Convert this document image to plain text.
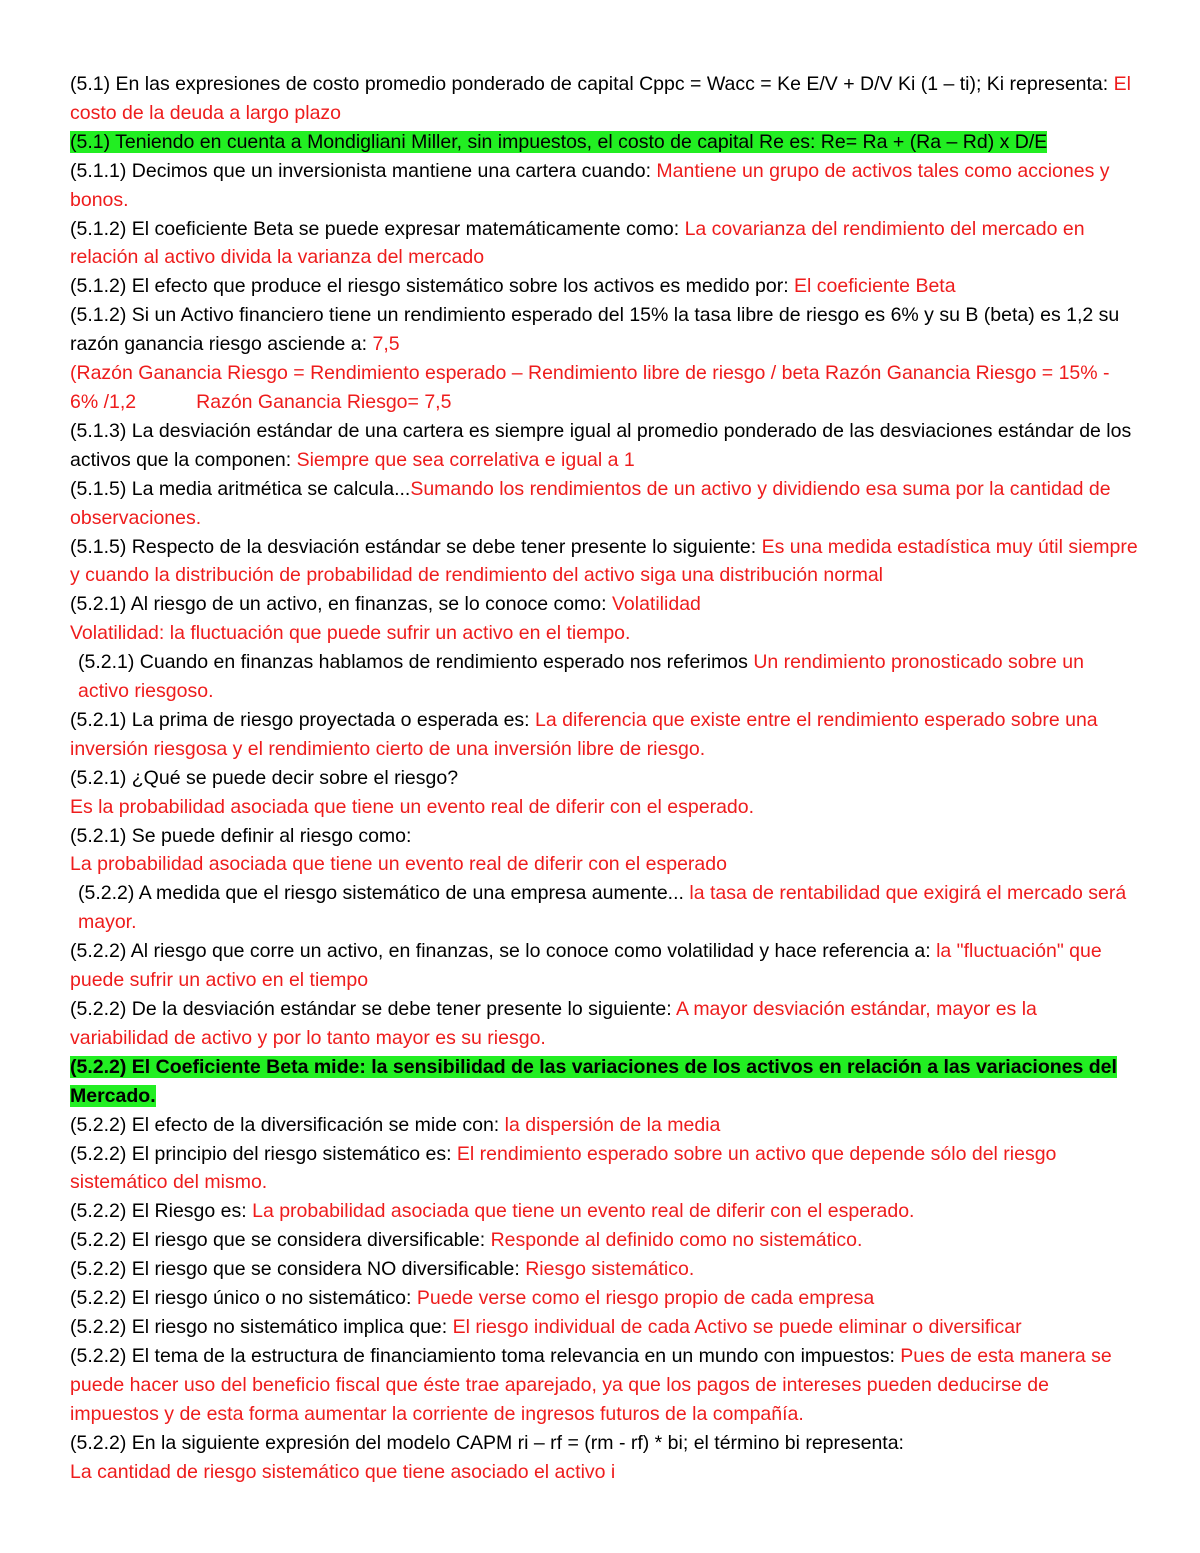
(5.1) En las expresiones de costo promedio ponderado de capital Cppc = Wacc = Ke E/V + D/V Ki (1 – ti); Ki representa: El costo de la deuda a largo plazo

(5.1) Teniendo en cuenta a Mondigliani Miller, sin impuestos, el costo de capital Re es: Re= Ra + (Ra – Rd) x D/E

(5.1.1) Decimos que un inversionista mantiene una cartera cuando: Mantiene un grupo de activos tales como acciones y bonos.

(5.1.2) El coeficiente Beta se puede expresar matemáticamente como: La covarianza del rendimiento del mercado en relación al activo divida la varianza del mercado

(5.1.2) El efecto que produce el riesgo sistemático sobre los activos es medido por: El coeficiente Beta

(5.1.2) Si un Activo financiero tiene un rendimiento esperado del 15% la tasa libre de riesgo es 6% y su B (beta) es 1,2 su razón ganancia riesgo asciende a: 7,5

(Razón Ganancia Riesgo = Rendimiento esperado – Rendimiento libre de riesgo / beta Razón Ganancia Riesgo = 15% - 6% /1,2	Razón Ganancia Riesgo= 7,5

(5.1.3) La desviación estándar de una cartera es siempre igual al promedio ponderado de las desviaciones estándar de los activos que la componen: Siempre que sea correlativa e igual a 1

(5.1.5) La media aritmética se calcula...Sumando los rendimientos de un activo y dividiendo esa suma por la cantidad de observaciones.

(5.1.5) Respecto de la desviación estándar se debe tener presente lo siguiente: Es una medida estadística muy útil siempre y cuando la distribución de probabilidad de rendimiento del activo siga una distribución normal

(5.2.1) Al riesgo de un activo, en finanzas, se lo conoce como: Volatilidad

Volatilidad: la fluctuación que puede sufrir un activo en el tiempo.

(5.2.1) Cuando en finanzas hablamos de rendimiento esperado nos referimos Un rendimiento pronosticado sobre un activo riesgoso.

(5.2.1) La prima de riesgo proyectada o esperada es: La diferencia que existe entre el rendimiento esperado sobre una inversión riesgosa y el rendimiento cierto de una inversión libre de riesgo.

(5.2.1) ¿Qué se puede decir sobre el riesgo?

Es la probabilidad asociada que tiene un evento real de diferir con el esperado.

(5.2.1) Se puede definir al riesgo como:

La probabilidad asociada que tiene un evento real de diferir con el esperado

(5.2.2) A medida que el riesgo sistemático de una empresa aumente... la tasa de rentabilidad que exigirá el mercado será mayor.

(5.2.2) Al riesgo que corre un activo, en finanzas, se lo conoce como volatilidad y hace referencia a: la "fluctuación" que puede sufrir un activo en el tiempo

(5.2.2) De la desviación estándar se debe tener presente lo siguiente: A mayor desviación estándar, mayor es la variabilidad de activo y por lo tanto mayor es su riesgo.

(5.2.2) El Coeficiente Beta mide: la sensibilidad de las variaciones de los activos en relación a las variaciones del Mercado.

(5.2.2) El efecto de la diversificación se mide con: la dispersión de la media

(5.2.2) El principio del riesgo sistemático es: El rendimiento esperado sobre un activo que depende sólo del riesgo sistemático del mismo.

(5.2.2) El Riesgo es: La probabilidad asociada que tiene un evento real de diferir con el esperado.

(5.2.2) El riesgo que se considera diversificable: Responde al definido como no sistemático.

(5.2.2) El riesgo que se considera NO diversificable: Riesgo sistemático.

(5.2.2) El riesgo único o no sistemático: Puede verse como el riesgo propio de cada empresa

(5.2.2) El riesgo no sistemático implica que: El riesgo individual de cada Activo se puede eliminar o diversificar

(5.2.2) El tema de la estructura de financiamiento toma relevancia en un mundo con impuestos: Pues de esta manera se puede hacer uso del beneficio fiscal que éste trae aparejado, ya que los pagos de intereses pueden deducirse de impuestos y de esta forma aumentar la corriente de ingresos futuros de la compañía.

(5.2.2) En la siguiente expresión del modelo CAPM ri – rf = (rm - rf) * bi; el término bi representa:

La cantidad de riesgo sistemático que tiene asociado el activo i
